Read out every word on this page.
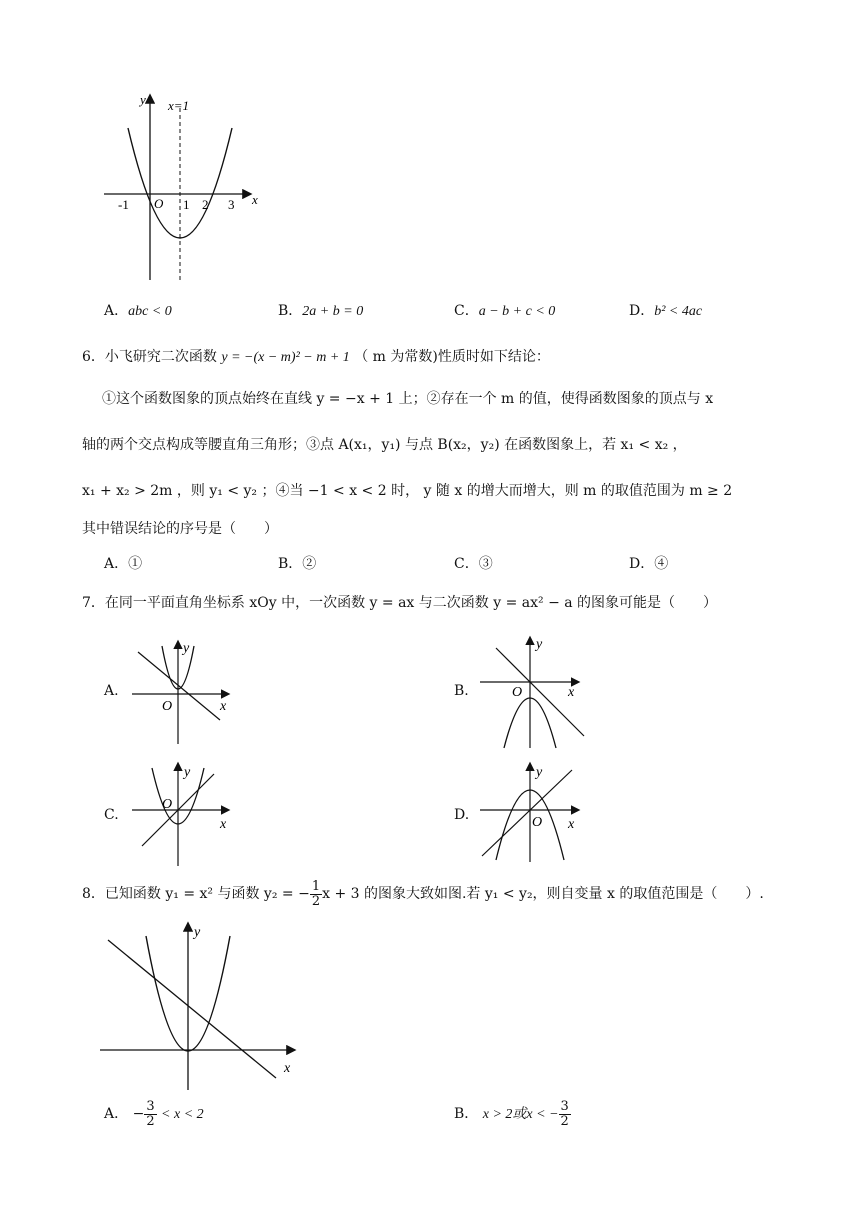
y x=1
x
-1 O 1 2 3
A．abc < 0	B．2a + b = 0	C．a − b + c < 0	D．b² < 4ac
6．小飞研究二次函数 y = −(x − m)² − m + 1 （ m 为常数)性质时如下结论：
①这个函数图象的顶点始终在直线 y = −x + 1 上；②存在一个 m 的值，使得函数图象的顶点与 x
轴的两个交点构成等腰直角三角形；③点 A(x₁，y₁) 与点 B(x₂，y₂) 在函数图象上，若 x₁ < x₂ ，
x₁ + x₂ > 2m ，则 y₁ < y₂ ；④当 −1 < x < 2 时， y 随 x 的增大而增大，则 m 的取值范围为 m ≥ 2
其中错误结论的序号是（　　）
A．①	B．②	C．③	D．④
7．在同一平面直角坐标系 xOy 中，一次函数 y = ax 与二次函数 y = ax² − a 的图象可能是（　　）
A.
y
x
O
B.
y
x
O
C.
y
x
O
D.
y
x
O
8．已知函数 y₁ = x² 与函数 y₂ = − $\frac{1}{2}$ x + 3 的图象大致如图.若 y₁ < y₂，则自变量 x 的取值范围是（　　）.
y
x
A． − $\frac{3}{2} < x < 2$	B． x > 2或x < − $\frac{3}{2}$
